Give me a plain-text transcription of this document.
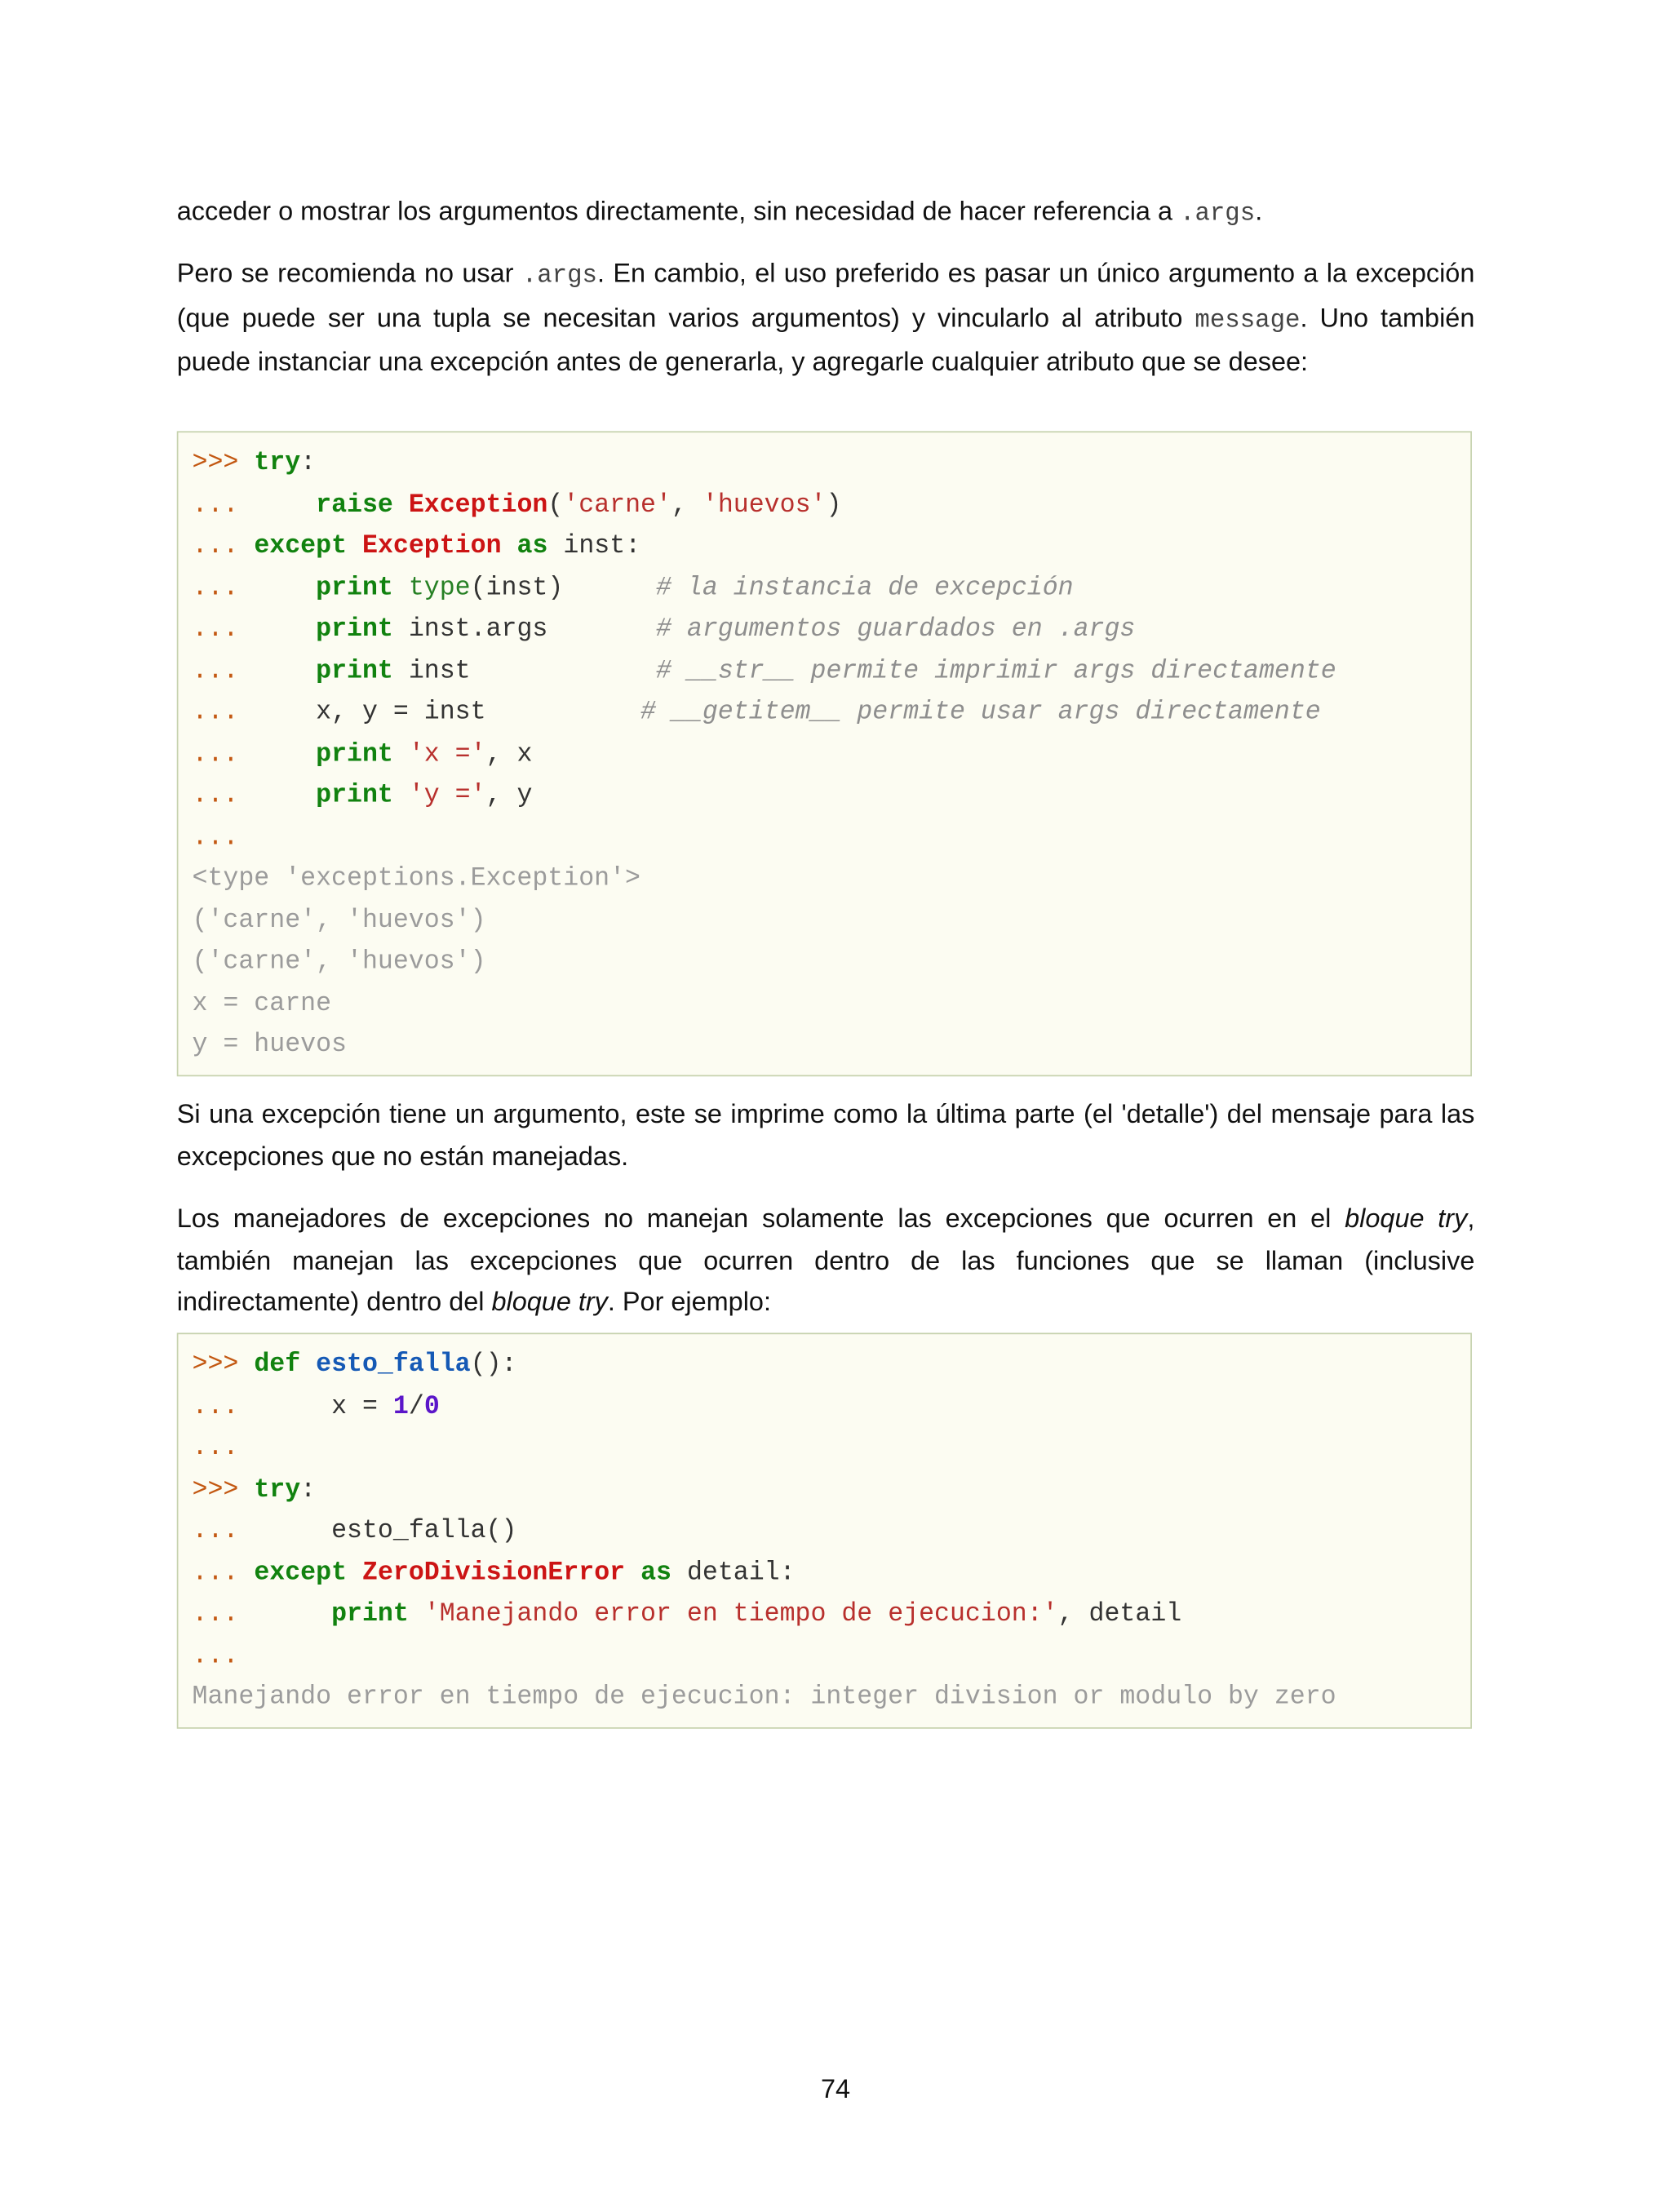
acceder o mostrar los argumentos directamente, sin necesidad de hacer referencia a .args.

Pero se recomienda no usar .args. En cambio, el uso preferido es pasar un único argumento a la excepción (que puede ser una tupla se necesitan varios argumentos) y vincularlo al atributo message. Uno también puede instanciar una excepción antes de generarla, y agregarle cualquier atributo que se desee:

>>> try:
...	raise Exception('carne', 'huevos')
... except Exception as inst:
...	print type(inst)	# la instancia de excepción
...	print inst.args	# argumentos guardados en .args
...	print inst	# __str__ permite imprimir args directamente
...	x, y = inst	# __getitem__ permite usar args directamente
...	print 'x =', x
...	print 'y =', y
...
<type 'exceptions.Exception'>
('carne', 'huevos')
('carne', 'huevos')
x = carne
y = huevos

Si una excepción tiene un argumento, este se imprime como la última parte (el 'detalle') del mensaje para las excepciones que no están manejadas.

Los manejadores de excepciones no manejan solamente las excepciones que ocurren en el bloque try, también manejan las excepciones que ocurren dentro de las funciones que se llaman (inclusive indirectamente) dentro del bloque try. Por ejemplo:

>>> def esto_falla():
...	x = 1/0
...
>>> try:
...	esto_falla()
... except ZeroDivisionError as detail:
...	print 'Manejando error en tiempo de ejecucion:', detail
...
Manejando error en tiempo de ejecucion: integer division or modulo by zero
74
